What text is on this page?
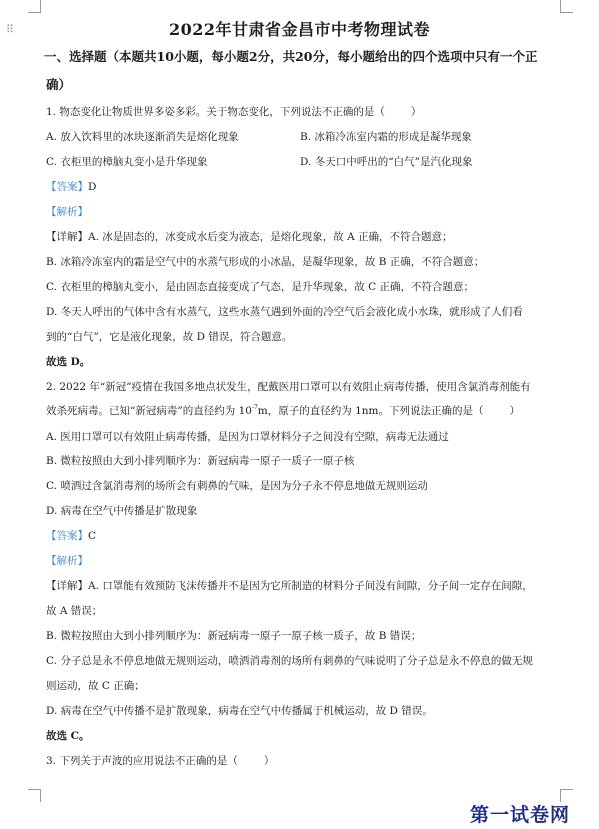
⠿	2022年甘肃省金昌市中考物理试卷
一、选择题（本题共10小题，每小题2分，共20分，每小题给出的四个选项中只有一个正
确）
1. 物态变化让物质世界多姿多彩。关于物态变化，下列说法不正确的是（ ）
A. 放入饮料里的冰块逐渐消失是熔化现象	B. 冰箱冷冻室内霜的形成是凝华现象
C. 衣柜里的樟脑丸变小是升华现象	D. 冬天口中呼出的“白气”是汽化现象
【答案】D
【解析】
【详解】A. 冰是固态的，冰变成水后变为液态，是熔化现象，故 A 正确，不符合题意；
B. 冰箱冷冻室内的霜是空气中的水蒸气形成的小冰晶，是凝华现象，故 B 正确，不符合题意；
C. 衣柜里的樟脑丸变小，是由固态直接变成了气态，是升华现象，故 C 正确，不符合题意；
D. 冬天人呼出的气体中含有水蒸气，这些水蒸气遇到外面的冷空气后会液化成小水珠，就形成了人们看
到的“白气”，它是液化现象，故 D 错误，符合题意。
故选 D。
2. 2022 年“新冠”疫情在我国多地点状发生，配戴医用口罩可以有效阻止病毒传播，使用含氯消毒剂能有
效杀死病毒。已知“新冠病毒”的直径约为 $10^{-7}m$，原子的直径约为 1nm。下列说法正确的是（ ）
A. 医用口罩可以有效阻止病毒传播，是因为口罩材料分子之间没有空隙，病毒无法通过
B. 微粒按照由大到小排列顺序为：新冠病毒一原子一质子一原子核
C. 喷洒过含氯消毒剂的场所会有刺鼻的气味，是因为分子永不停息地做无规则运动
D. 病毒在空气中传播是扩散现象
【答案】C
【解析】
【详解】A. 口罩能有效预防飞沫传播并不是因为它所制造的材料分子间没有间隙，分子间一定存在间隙，
故 A 错误；
B. 微粒按照由大到小排列顺序为：新冠病毒一原子一原子核一质子，故 B 错误；
C. 分子总是永不停息地做无规则运动，喷洒消毒剂的场所有刺鼻的气味说明了分子总是永不停息的做无规
则运动，故 C 正确；
D. 病毒在空气中传播不是扩散现象，病毒在空气中传播属于机械运动，故 D 错误。
故选 C。
3. 下列关于声波的应用说法不正确的是（ ）
第一试卷网
